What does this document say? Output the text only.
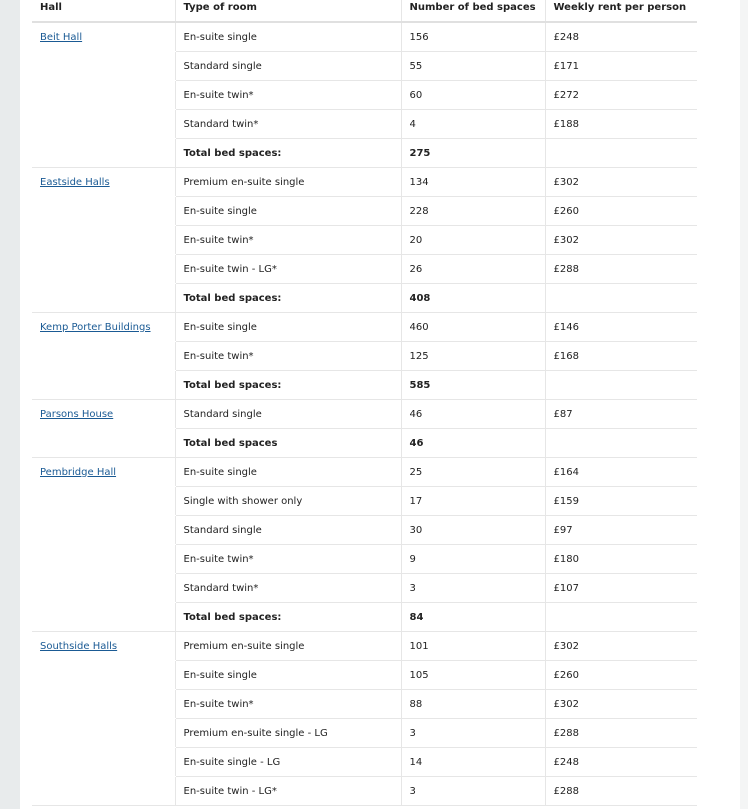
Hall	Type of room	Number of bed spaces	Weekly rent per person
Beit Hall	En-suite single	156	£248
	Standard single	55	£171
	En-suite twin*	60	£272
	Standard twin*	4	£188
	Total bed spaces:	275	
Eastside Halls	Premium en-suite single	134	£302
	En-suite single	228	£260
	En-suite twin*	20	£302
	En-suite twin - LG*	26	£288
	Total bed spaces:	408	
Kemp Porter Buildings	En-suite single	460	£146
	En-suite twin*	125	£168
	Total bed spaces:	585	
Parsons House	Standard single	46	£87
	Total bed spaces	46	
Pembridge Hall	En-suite single	25	£164
	Single with shower only	17	£159
	Standard single	30	£97
	En-suite twin*	9	£180
	Standard twin*	3	£107
	Total bed spaces:	84	
Southside Halls	Premium en-suite single	101	£302
	En-suite single	105	£260
	En-suite twin*	88	£302
	Premium en-suite single - LG	3	£288
	En-suite single - LG	14	£248
	En-suite twin - LG*	3	£288
